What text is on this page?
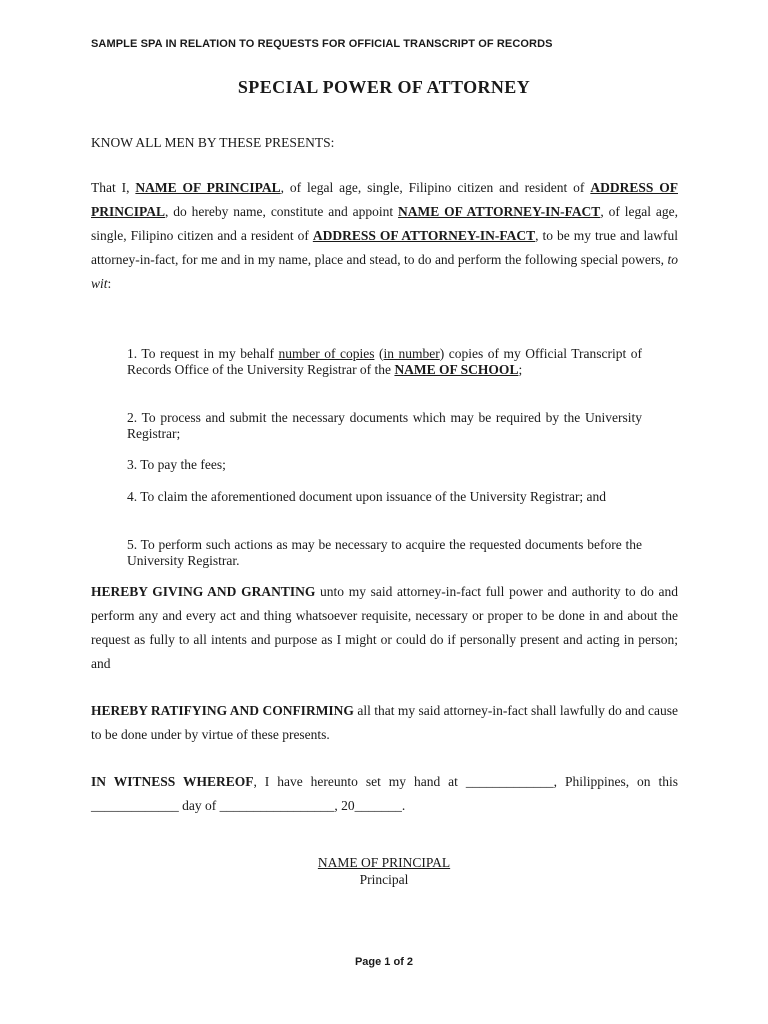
SAMPLE SPA IN RELATION TO REQUESTS FOR OFFICIAL TRANSCRIPT OF RECORDS
SPECIAL POWER OF ATTORNEY
KNOW ALL MEN BY THESE PRESENTS:
That I, NAME OF PRINCIPAL, of legal age, single, Filipino citizen and resident of ADDRESS OF PRINCIPAL, do hereby name, constitute and appoint NAME OF ATTORNEY-IN-FACT, of legal age, single, Filipino citizen and a resident of ADDRESS OF ATTORNEY-IN-FACT, to be my true and lawful attorney-in-fact, for me and in my name, place and stead, to do and perform the following special powers, to wit:
1. To request in my behalf number of copies (in number) copies of my Official Transcript of Records Office of the University Registrar of the NAME OF SCHOOL;
2. To process and submit the necessary documents which may be required by the University Registrar;
3. To pay the fees;
4. To claim the aforementioned document upon issuance of the University Registrar; and
5. To perform such actions as may be necessary to acquire the requested documents before the University Registrar.
HEREBY GIVING AND GRANTING unto my said attorney-in-fact full power and authority to do and perform any and every act and thing whatsoever requisite, necessary or proper to be done in and about the request as fully to all intents and purpose as I might or could do if personally present and acting in person; and
HEREBY RATIFYING AND CONFIRMING all that my said attorney-in-fact shall lawfully do and cause to be done under by virtue of these presents.
IN WITNESS WHEREOF, I have hereunto set my hand at _____________, Philippines, on this _____________ day of _________________, 20_______.
NAME OF PRINCIPAL
Principal
Page 1 of 2
